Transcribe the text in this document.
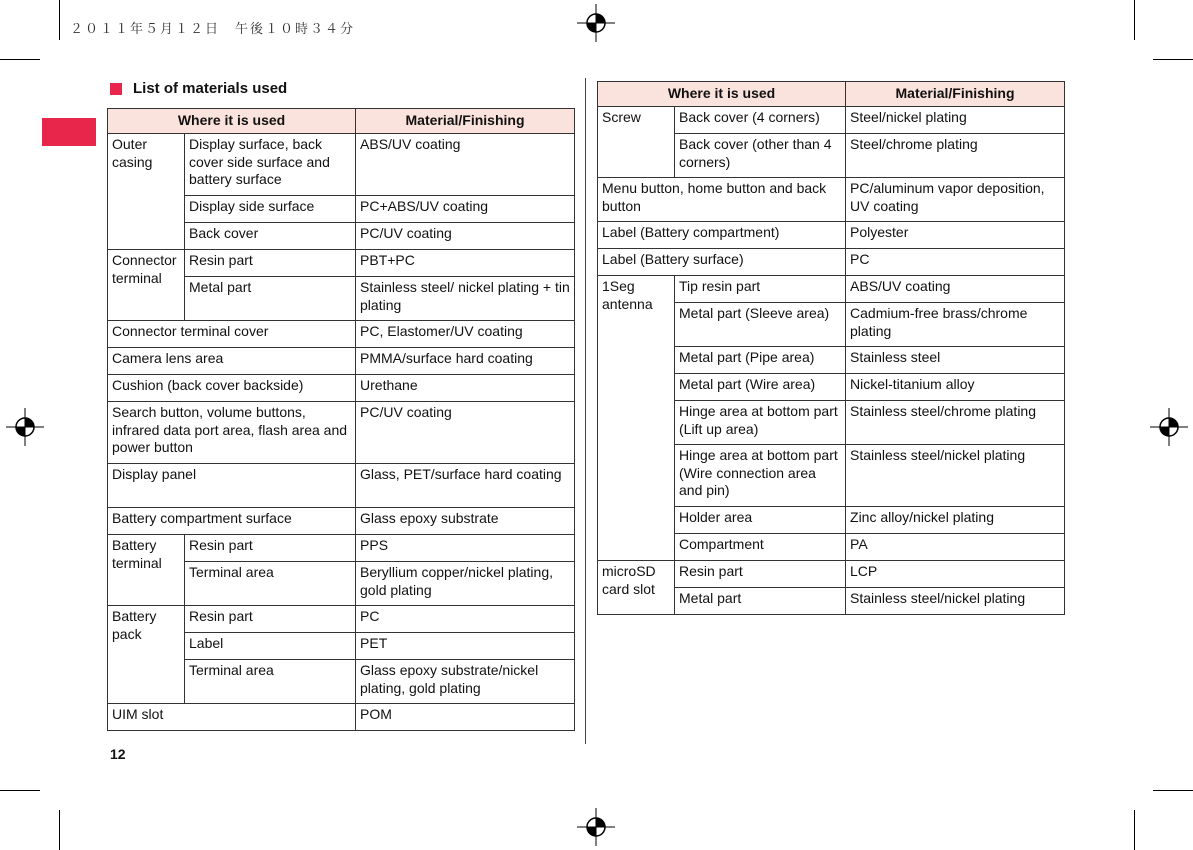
２０１１年５月１２日　午後１０時３４分
List of materials used
Where it is used		Material/Finishing
Outer casing	Display surface, back cover side surface and battery surface	ABS/UV coating
	Display side surface	PC+ABS/UV coating
	Back cover	PC/UV coating
Connector terminal	Resin part	PBT+PC
	Metal part	Stainless steel/ nickel plating + tin plating
Connector terminal cover		PC, Elastomer/UV coating
Camera lens area		PMMA/surface hard coating
Cushion (back cover backside)		Urethane
Search button, volume buttons, infrared data port area, flash area and power button		PC/UV coating
Display panel		Glass, PET/surface hard coating
Battery compartment surface		Glass epoxy substrate
Battery terminal	Resin part	PPS
	Terminal area	Beryllium copper/nickel plating, gold plating
Battery pack	Resin part	PC
	Label	PET
	Terminal area	Glass epoxy substrate/nickel plating, gold plating
UIM slot		POM
Where it is used		Material/Finishing
Screw	Back cover (4 corners)	Steel/nickel plating
	Back cover (other than 4 corners)	Steel/chrome plating
Menu button, home button and back button		PC/aluminum vapor deposition, UV coating
Label (Battery compartment)		Polyester
Label (Battery surface)		PC
1Seg antenna	Tip resin part	ABS/UV coating
	Metal part (Sleeve area)	Cadmium-free brass/chrome plating
	Metal part (Pipe area)	Stainless steel
	Metal part (Wire area)	Nickel-titanium alloy
	Hinge area at bottom part (Lift up area)	Stainless steel/chrome plating
	Hinge area at bottom part (Wire connection area and pin)	Stainless steel/nickel plating
	Holder area	Zinc alloy/nickel plating
	Compartment	PA
microSD card slot	Resin part	LCP
	Metal part	Stainless steel/nickel plating
12
